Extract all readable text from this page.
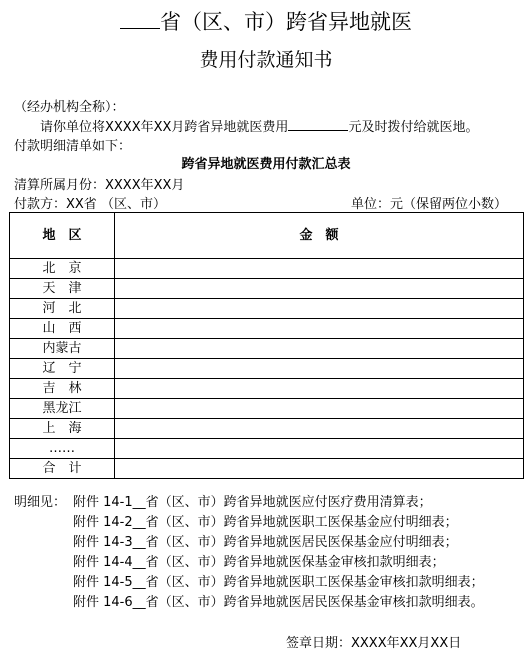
省（区、市）跨省异地就医
费用付款通知书
（经办机构全称）：
请你单位将XXXX年XX月跨省异地就医费用	元及时拨付给就医地。
付款明细清单如下：
跨省异地就医费用付款汇总表
清算所属月份：XXXX年XX月
付款方：XX省 （区、市）	单位：元（保留两位小数）
地　区	金　额
北　京	
天　津	
河　北	
山　西	
内蒙古	
辽　宁	
吉　林	
黑龙江	
上　海	
……	
合　计	
明细见： 附件 14-1__省（区、市）跨省异地就医应付医疗费用清算表；
附件 14-2__省（区、市）跨省异地就医职工医保基金应付明细表；
附件 14-3__省（区、市）跨省异地就医居民医保基金应付明细表；
附件 14-4__省（区、市）跨省异地就医保基金审核扣款明细表；
附件 14-5__省（区、市）跨省异地就医职工医保基金审核扣款明细表；
附件 14-6__省（区、市）跨省异地就医居民医保基金审核扣款明细表。
签章日期：XXXX年XX月XX日
